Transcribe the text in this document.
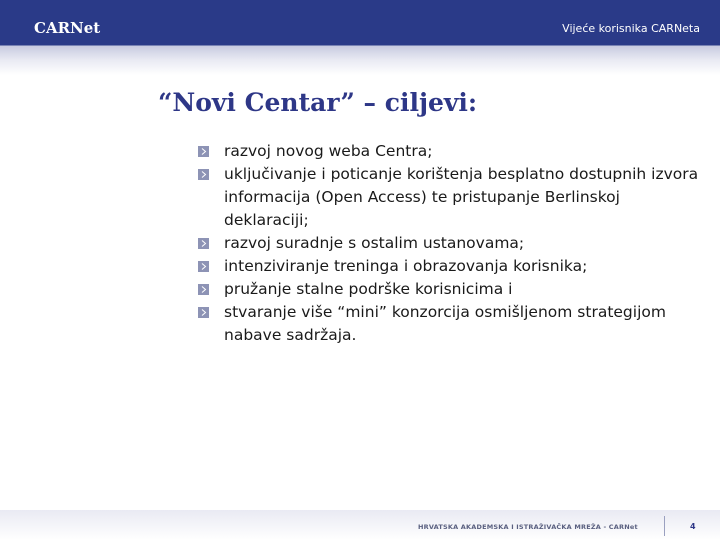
CARNet	Vijeće korisnika CARNeta
“Novi Centar” – ciljevi:
razvoj novog weba Centra;
uključivanje i poticanje korištenja besplatno dostupnih izvora informacija (Open Access) te pristupanje Berlinskoj deklaraciji;
razvoj suradnje s ostalim ustanovama;
intenziviranje treninga i obrazovanja korisnika;
pružanje stalne podrške korisnicima i
stvaranje više “mini” konzorcija osmišljenom strategijom nabave sadržaja.
HRVATSKA AKADEMSKA I ISTRAŽIVAČKA MREŽA - CARNet	4
